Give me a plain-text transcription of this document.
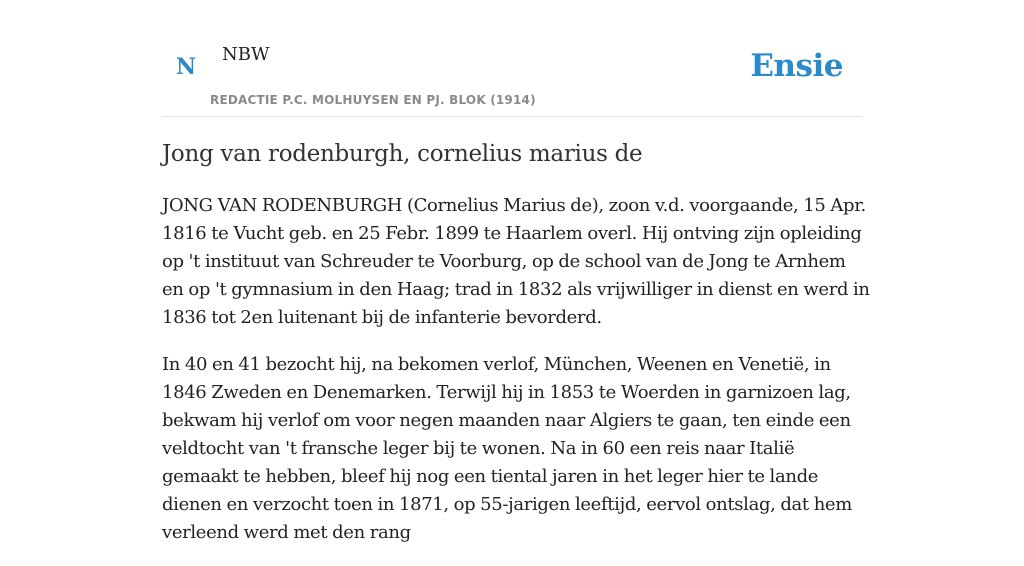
N NBW
REDACTIE P.C. MOLHUYSEN EN PJ. BLOK (1914)
Ensie
Jong van rodenburgh, cornelius marius de

JONG VAN RODENBURGH (Cornelius Marius de), zoon v.d. voorgaande, 15 Apr. 1816 te Vucht geb. en 25 Febr. 1899 te Haarlem overl. Hij ontving zijn opleiding op 't instituut van Schreuder te Voorburg, op de school van de Jong te Arnhem en op 't gymnasium in den Haag; trad in 1832 als vrijwilliger in dienst en werd in 1836 tot 2en luitenant bij de infanterie bevorderd.

In 40 en 41 bezocht hij, na bekomen verlof, München, Weenen en Venetië, in 1846 Zweden en Denemarken. Terwijl hij in 1853 te Woerden in garnizoen lag, bekwam hij verlof om voor negen maanden naar Algiers te gaan, ten einde een veldtocht van 't fransche leger bij te wonen. Na in 60 een reis naar Italië gemaakt te hebben, bleef hij nog een tiental jaren in het leger hier te lande dienen en verzocht toen in 1871, op 55-jarigen leeftijd, eervol ontslag, dat hem verleend werd met den rang
